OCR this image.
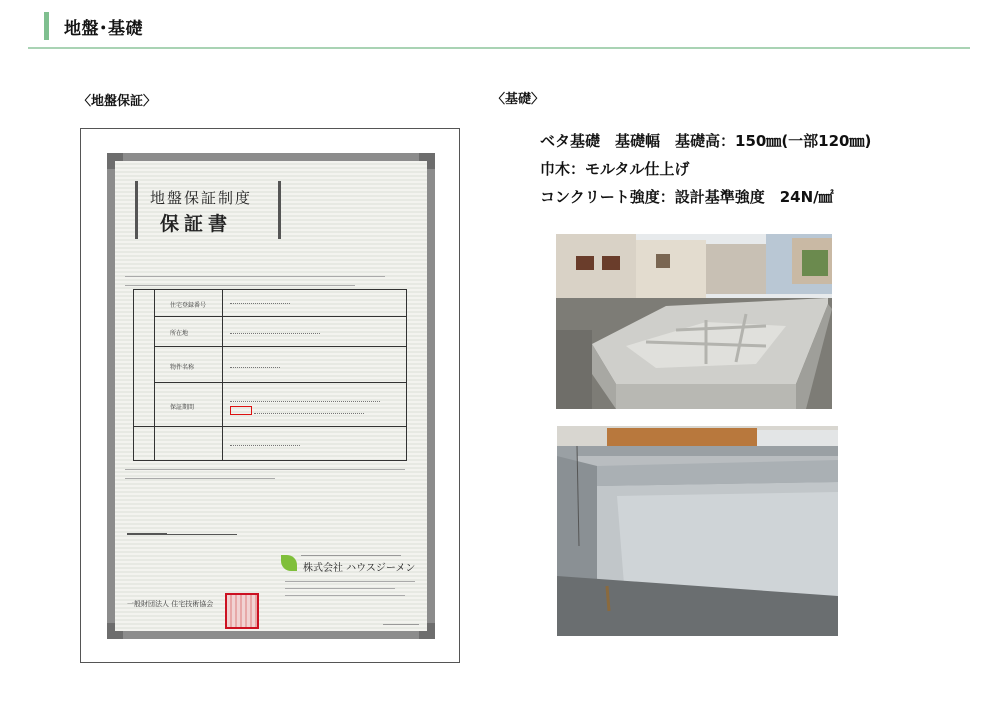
地盤･基礎
〈地盤保証〉	〈基礎〉
ベタ基礎　基礎幅　基礎高：150㎜(一部120㎜)
巾木：モルタル仕上げ
コンクリート強度：設計基準強度　24N/㎟
地盤保証制度
保証書
住宅登録番号
所在地
物件名称
保証期間
株式会社 ハウスジーメン
一般財団法人 住宅技術協会
